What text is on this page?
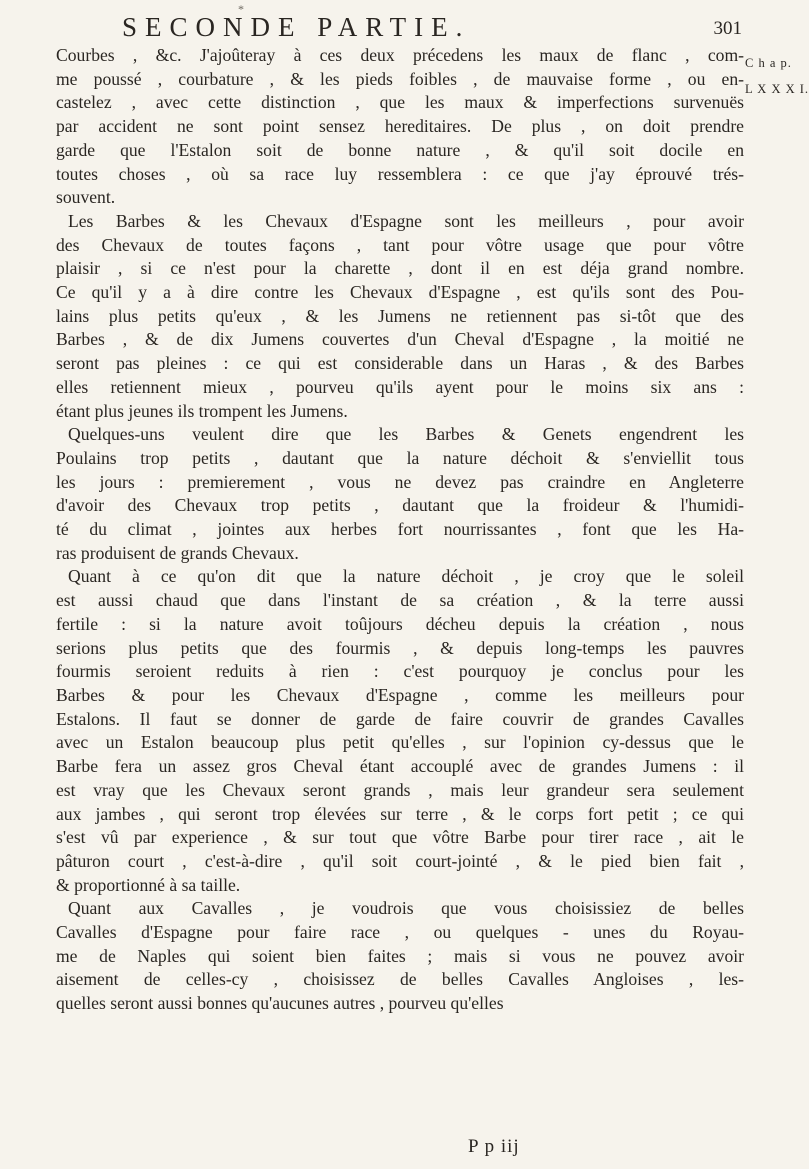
*
SECONDE PARTIE.	301
C h a p.
L X X X I.
Courbes , &c. J'ajoûteray à ces deux précedens les maux de flanc , com-
me poussé , courbature , & les pieds foibles , de mauvaise forme , ou en-
castelez , avec cette distinction , que les maux & imperfections survenuës
par accident ne sont point sensez hereditaires. De plus , on doit prendre
garde que l'Estalon soit de bonne nature , & qu'il soit docile en
toutes choses , où sa race luy ressemblera : ce que j'ay éprouvé trés-
souvent.
Les Barbes & les Chevaux d'Espagne sont les meilleurs , pour avoir
des Chevaux de toutes façons , tant pour vôtre usage que pour vôtre
plaisir , si ce n'est pour la charette , dont il en est déja grand nombre.
Ce qu'il y a à dire contre les Chevaux d'Espagne , est qu'ils sont des Pou-
lains plus petits qu'eux , & les Jumens ne retiennent pas si-tôt que des
Barbes , & de dix Jumens couvertes d'un Cheval d'Espagne , la moitié ne
seront pas pleines : ce qui est considerable dans un Haras , & des Barbes
elles retiennent mieux , pourveu qu'ils ayent pour le moins six ans :
étant plus jeunes ils trompent les Jumens.
Quelques-uns veulent dire que les Barbes & Genets engendrent les
Poulains trop petits , dautant que la nature déchoit & s'enviellit tous
les jours : premierement , vous ne devez pas craindre en Angleterre
d'avoir des Chevaux trop petits , dautant que la froideur & l'humidi-
té du climat , jointes aux herbes fort nourrissantes , font que les Ha-
ras produisent de grands Chevaux.
Quant à ce qu'on dit que la nature déchoit , je croy que le soleil
est aussi chaud que dans l'instant de sa création , & la terre aussi
fertile : si la nature avoit toûjours décheu depuis la création , nous
serions plus petits que des fourmis , & depuis long-temps les pauvres
fourmis seroient reduits à rien : c'est pourquoy je conclus pour les
Barbes & pour les Chevaux d'Espagne , comme les meilleurs pour
Estalons. Il faut se donner de garde de faire couvrir de grandes Cavalles
avec un Estalon beaucoup plus petit qu'elles , sur l'opinion cy-dessus que le
Barbe fera un assez gros Cheval étant accouplé avec de grandes Jumens : il
est vray que les Chevaux seront grands , mais leur grandeur sera seulement
aux jambes , qui seront trop élevées sur terre , & le corps fort petit ; ce qui
s'est vû par experience , & sur tout que vôtre Barbe pour tirer race , ait le
pâturon court , c'est-à-dire , qu'il soit court-jointé , & le pied bien fait ,
& proportionné à sa taille.
Quant aux Cavalles , je voudrois que vous choisissiez de belles
Cavalles d'Espagne pour faire race , ou quelques - unes du Royau-
me de Naples qui soient bien faites ; mais si vous ne pouvez avoir
aisement de celles-cy , choisissez de belles Cavalles Angloises , les-
quelles seront aussi bonnes qu'aucunes autres , pourveu qu'elles
P p iij
